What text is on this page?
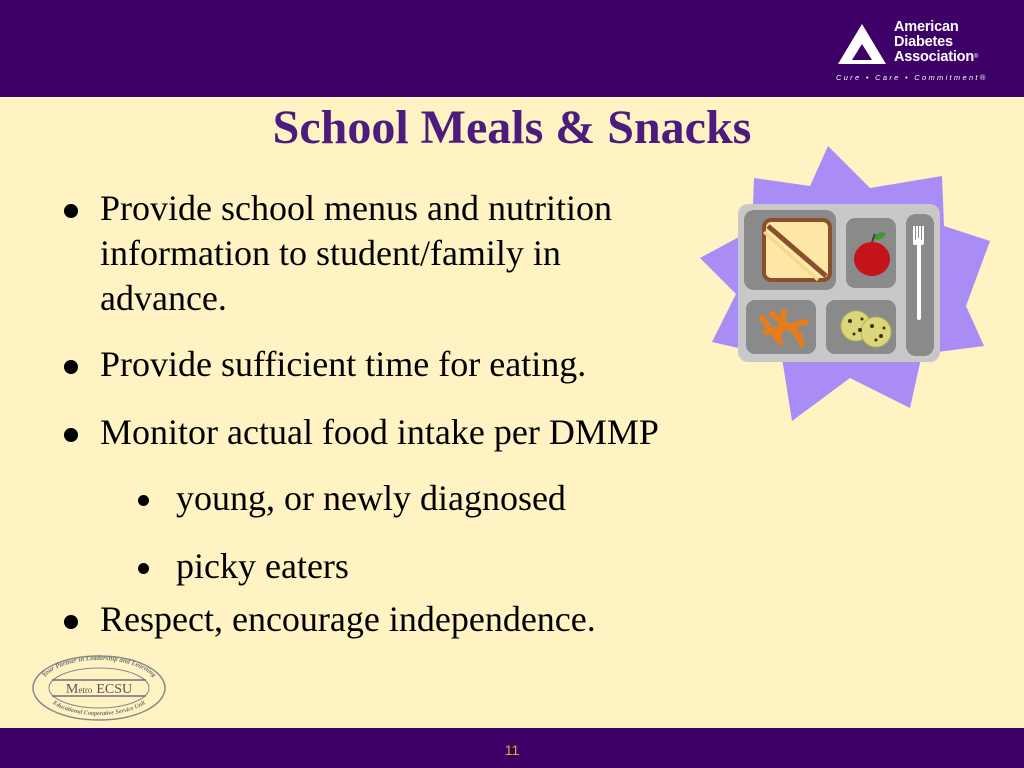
American
Diabetes
Association®
Cure • Care • Commitment®
School Meals & Snacks
Provide school menus and nutrition
information to student/family in
advance.
Provide sufficient time for eating.
Monitor actual food intake per DMMP
young, or newly diagnosed
picky eaters
Respect, encourage independence.
Your Partner in Leadership and Learning
Educational Cooperative Service Unit
Metro ECSU
11
